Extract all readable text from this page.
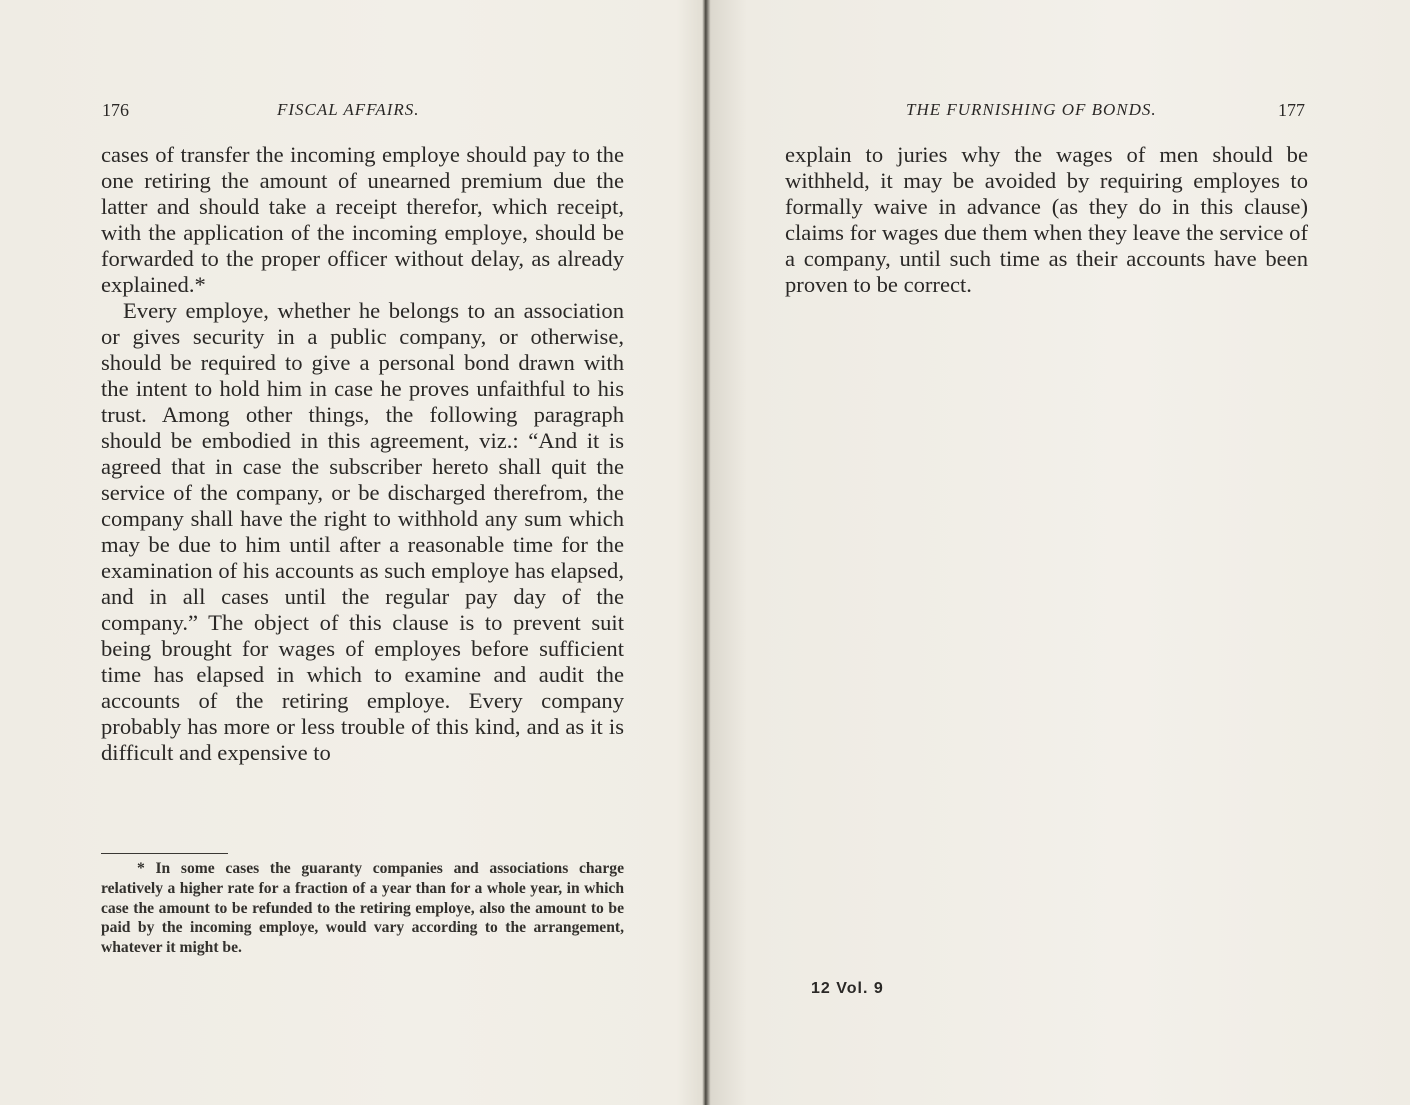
176	FISCAL AFFAIRS.

cases of transfer the incoming employe should pay to the one retiring the amount of unearned premium due the latter and should take a receipt therefor, which receipt, with the application of the incoming employe, should be forwarded to the proper officer without delay, as already explained.*

Every employe, whether he belongs to an association or gives security in a public company, or otherwise, should be required to give a personal bond drawn with the intent to hold him in case he proves unfaithful to his trust. Among other things, the following paragraph should be embodied in this agreement, viz.: “And it is agreed that in case the subscriber hereto shall quit the service of the company, or be discharged therefrom, the company shall have the right to withhold any sum which may be due to him until after a reasonable time for the examination of his accounts as such employe has elapsed, and in all cases until the regular pay day of the company.” The object of this clause is to prevent suit being brought for wages of employes before sufficient time has elapsed in which to examine and audit the accounts of the retiring employe. Every company probably has more or less trouble of this kind, and as it is difficult and expensive to

* In some cases the guaranty companies and associations charge relatively a higher rate for a fraction of a year than for a whole year, in which case the amount to be refunded to the retiring employe, also the amount to be paid by the incoming employe, would vary according to the arrangement, whatever it might be.

THE FURNISHING OF BONDS.	177

explain to juries why the wages of men should be withheld, it may be avoided by requiring employes to formally waive in advance (as they do in this clause) claims for wages due them when they leave the service of a company, until such time as their accounts have been proven to be correct.

12 Vol. 9
